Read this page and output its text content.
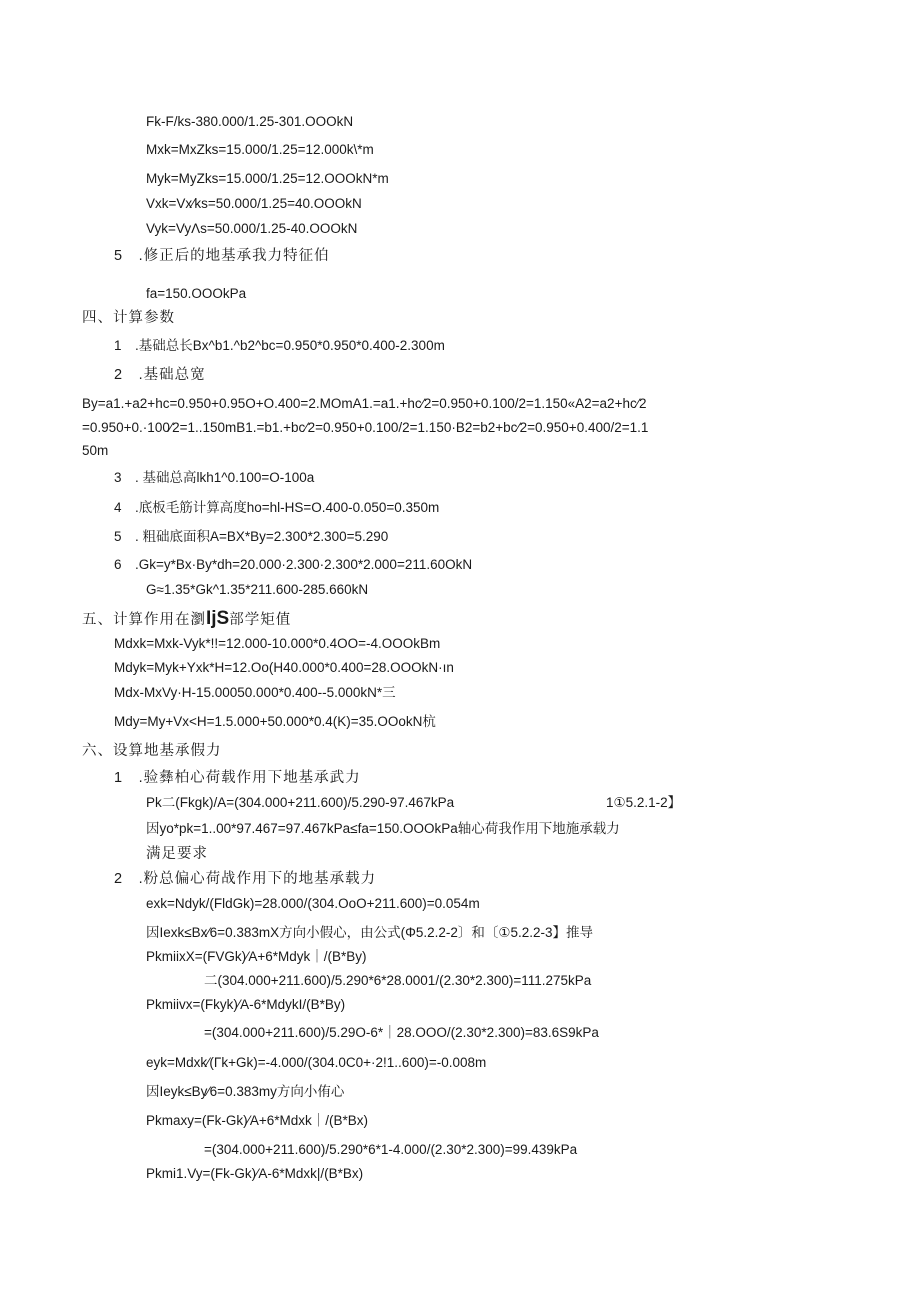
Fk-F/ks-380.000/1.25-301.OOOkN
Mxk=MxZks=15.000/1.25=12.000k\*m
Myk=MyZks=15.000/1.25=12.OOOkN*m
Vxk=Vx⁄ks=50.000/1.25=40.OOOkN
Vyk=VyΛs=50.000/1.25-40.OOOkN
5　.修正后的地基承我力特征伯
fa=150.OOOkPa
四、计算参数
1　.基础总长Bx^b1.^b2^bc=0.950*0.950*0.400-2.300m
2　.基础总宽
By=a1.+a2+hc=0.950+0.95O+O.400=2.MOmA1.=a1.+hc⁄2=0.950+0.100/2=1.150«A2=a2+hc⁄2
=0.950+0.·100⁄2=1..150mB1.=b1.+bc⁄2=0.950+0.100/2=1.150·B2=b2+bc⁄2=0.950+0.400/2=1.1
50m
3　. 基础总高lkh1^0.100=O-100a
4　.底板毛筋计算高度ho=hl-HS=O.400-0.050=0.350m
5　. 粗础底面积A=BX*By=2.300*2.300=5.290
6　.Gk=y*Bx·By*dh=20.000·2.300·2.300*2.000=211.60OkN
G≈1.35*Gk^1.35*211.600-285.660kN
五、计算作用在瀏IjS部学矩值
Mdxk=Mxk-Vyk*!!=12.000-10.000*0.4OO=-4.OOOkBm
Mdyk=Myk+Yxk*H=12.Oo(H40.000*0.400=28.OOOkN·ın
Mdx-MxVy·H-15.00050.000*0.400--5.000kN*三
Mdy=My+Vx<H=1.5.000+50.000*0.4(K)=35.OOokN杭
六、设算地基承假力
1　.验彝柏心荷载作用下地基承武力
Pk二(Fkgk)/A=(304.000+211.600)/5.290-97.467kPa	1①5.2.1-2】
因yo*pk=1..00*97.467=97.467kPa≤fa=150.OOOkPa轴心荷我作用下地施承载力
满足要求
2　.粉总偏心荷战作用下的地基承载力
exk=Ndyk/(FldGk)=28.000/(304.OoO+211.600)=0.054m
因Iexk≤Bx⁄6=0.383mX方向小假心，由公式(Φ5.2.2-2〕和〔①5.2.2-3】推导
PkmiixX=(FVGk)⁄A+6*Mdyk｜/(B*By)
二(304.000+211.600)/5.290*6*28.0001/(2.30*2.300)=111.275kPa
Pkmiivx=(Fkyk)⁄A-6*MdykI/(B*By)
=(304.000+211.600)/5.29O-6*｜28.OOO/(2.30*2.300)=83.6S9kPa
eyk=Mdxk⁄(Γk+Gk)=-4.000/(304.0C0+·2!1..600)=-0.008m
因Ieyk≤By⁄6=0.383my方向小侑心
Pkmaxy=(Fk-Gk)⁄A+6*Mdxk｜/(B*Bx)
=(304.000+211.600)/5.290*6*1-4.000/(2.30*2.300)=99.439kPa
Pkmi1.Vy=(Fk-Gk)⁄A-6*Mdxk|/(B*Bx)
